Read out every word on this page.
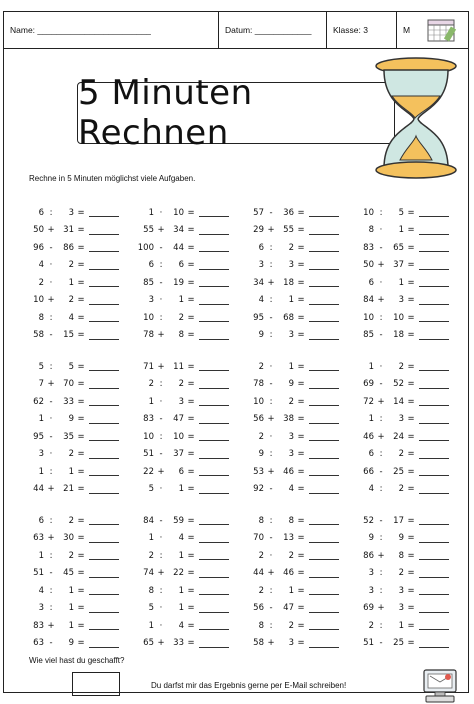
Name: ________________________	Datum: ____________	Klasse: 3	M
5 Minuten Rechnen
Rechne in 5 Minuten möglichst viele Aufgaben.
6 :	3 =	1 ·	10 =	57 -	36 =	10 :	5 =
50 +	31 =	55 +	34 =	29 +	55 =	8 ·	1 =
96 -	86 =	100 -	44 =	6 :	2 =	83 -	65 =
4 ·	2 =	6 :	6 =	3 :	3 =	50 +	37 =
2 ·	1 =	85 -	19 =	34 +	18 =	6 ·	1 =
10 +	2 =	3 ·	1 =	4 :	1 =	84 +	3 =
8 :	4 =	10 :	2 =	95 -	68 =	10 :	10 =
58 -	15 =	78 +	8 =	9 :	3 =	85 -	18 =
5 :	5 =	71 +	11 =	2 ·	1 =	1 ·	2 =
7 +	70 =	2 :	2 =	78 -	9 =	69 -	52 =
62 -	33 =	1 ·	3 =	10 :	2 =	72 +	14 =
1 ·	9 =	83 -	47 =	56 +	38 =	1 :	3 =
95 -	35 =	10 :	10 =	2 ·	3 =	46 +	24 =
3 ·	2 =	51 -	37 =	9 :	3 =	6 :	2 =
1 :	1 =	22 +	6 =	53 +	46 =	66 -	25 =
44 +	21 =	5 ·	1 =	92 -	4 =	4 :	2 =
6 :	2 =	84 -	59 =	8 :	8 =	52 -	17 =
63 +	30 =	1 ·	4 =	70 -	13 =	9 :	9 =
1 :	2 =	2 :	1 =	2 ·	2 =	86 +	8 =
51 -	45 =	74 +	22 =	44 +	46 =	3 :	2 =
4 :	1 =	8 :	1 =	2 :	1 =	3 :	3 =
3 :	1 =	5 ·	1 =	56 -	47 =	69 +	3 =
83 +	1 =	1 ·	4 =	8 :	2 =	2 :	1 =
63 -	9 =	65 +	33 =	58 +	3 =	51 -	25 =
Wie viel hast du geschafft?
Du darfst mir das Ergebnis gerne per E-Mail schreiben!
